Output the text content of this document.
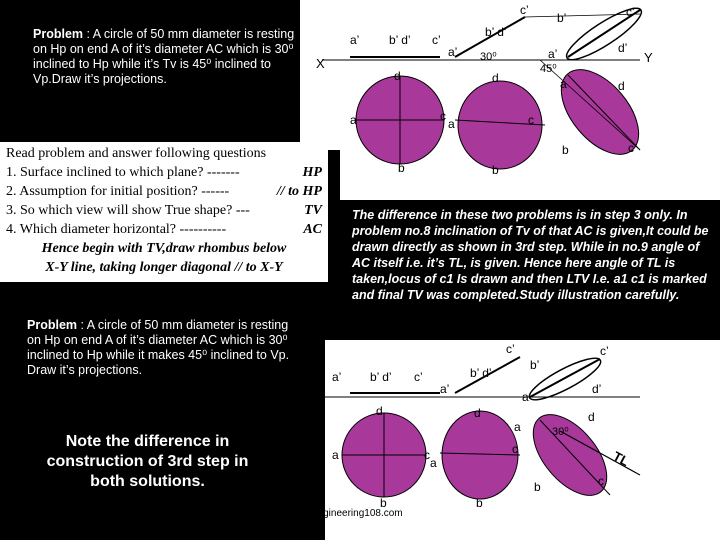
X	Y
30⁰
45⁰
a’ b’ d’ c’
a’
b’ d’
c’
a’
b’	c’
d’
a
b
c
d
a
b
c
d	a
b	c
d
TL
30⁰
a’ b’ d’ c’
a’
b’ d’
c’
a
b’
c’
d’
a
b
c
d
a
b
c
d
a
b	c
d
Problem : A circle of 50 mm diameter is resting on Hp on end A of it’s diameter AC which is 30⁰ inclined to Hp while it’s Tv is 45⁰ inclined to Vp.Draw it’s projections.
Read problem and answer following questions
1. Surface inclined to which plane? -------	HP
2. Assumption for initial position? ------	// to HP
3. So which view will show True shape? ---	TV
4. Which diameter horizontal? ----------	AC
Hence begin with TV,draw rhombus below
X-Y line, taking longer diagonal // to X-Y
The difference in these two problems is in step 3 only. In problem no.8 inclination of Tv of that AC is given,It could be drawn directly as shown in 3rd step. While in no.9 angle of AC itself i.e. it’s TL, is given. Hence here angle of TL is taken,locus of c1 Is drawn and then LTV I.e. a1 c1 is marked and final TV was completed.Study illustration carefully.
Problem : A circle of 50 mm diameter is resting on Hp on end A of it’s diameter AC which is 30⁰ inclined to Hp while it makes 45⁰ inclined to Vp. Draw it’s projections.
Note the difference in construction of 3rd step in both solutions.
engineering108.com
